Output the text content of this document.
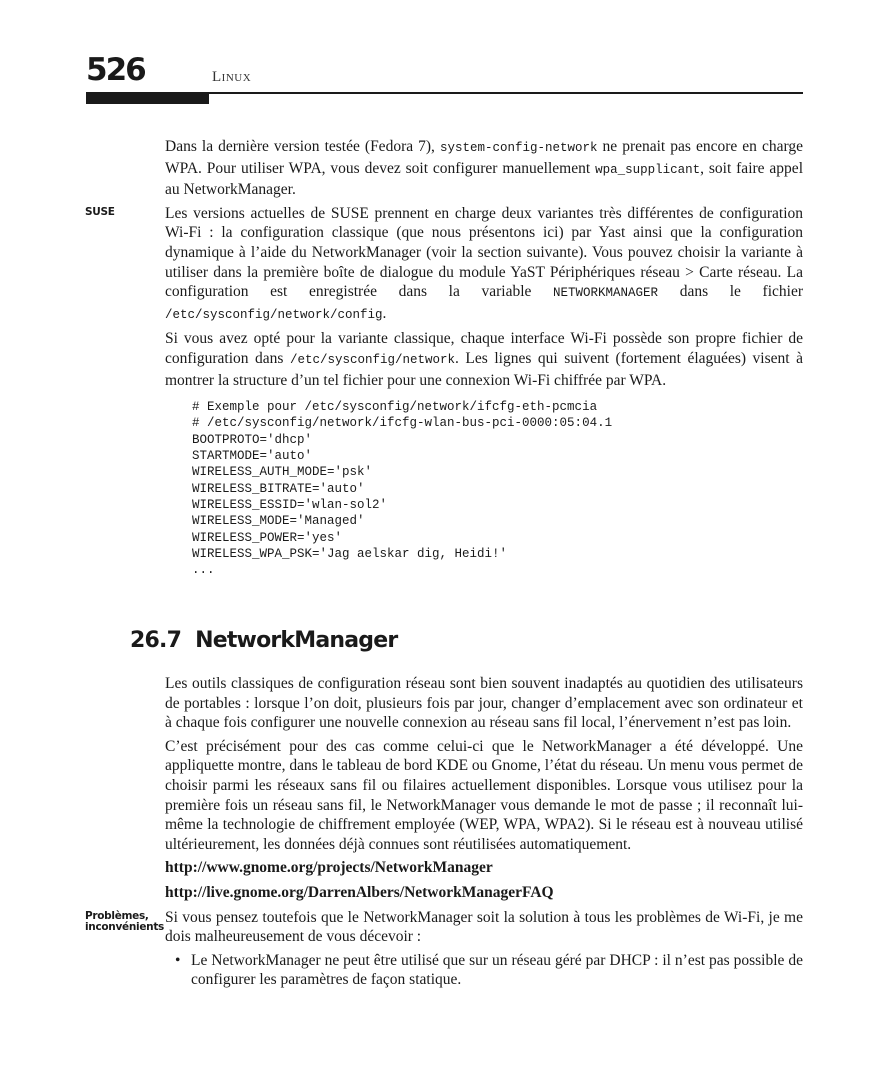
526	Linux

Dans la dernière version testée (Fedora 7), system-config-network ne prenait pas encore en charge WPA. Pour utiliser WPA, vous devez soit configurer manuellement wpa_supplicant, soit faire appel au NetworkManager.

SUSE	Les versions actuelles de SUSE prennent en charge deux variantes très différentes de configuration Wi-Fi : la configuration classique (que nous présentons ici) par Yast ainsi que la configuration dynamique à l’aide du NetworkManager (voir la section suivante). Vous pouvez choisir la variante à utiliser dans la première boîte de dialogue du module YaST Périphériques réseau > Carte réseau. La configuration est enregistrée dans la variable NETWORKMANAGER dans le fichier /etc/sysconfig/network/config.

Si vous avez opté pour la variante classique, chaque interface Wi-Fi possède son propre fichier de configuration dans /etc/sysconfig/network. Les lignes qui suivent (fortement élaguées) visent à montrer la structure d’un tel fichier pour une connexion Wi-Fi chiffrée par WPA.

# Exemple pour /etc/sysconfig/network/ifcfg-eth-pcmcia
# /etc/sysconfig/network/ifcfg-wlan-bus-pci-0000:05:04.1
BOOTPROTO='dhcp'
STARTMODE='auto'
WIRELESS_AUTH_MODE='psk'
WIRELESS_BITRATE='auto'
WIRELESS_ESSID='wlan-sol2'
WIRELESS_MODE='Managed'
WIRELESS_POWER='yes'
WIRELESS_WPA_PSK='Jag aelskar dig, Heidi!'
...
26.7 NetworkManager

Les outils classiques de configuration réseau sont bien souvent inadaptés au quotidien des utilisateurs de portables : lorsque l’on doit, plusieurs fois par jour, changer d’emplacement avec son ordinateur et à chaque fois configurer une nouvelle connexion au réseau sans fil local, l’énervement n’est pas loin.

C’est précisément pour des cas comme celui-ci que le NetworkManager a été développé. Une appliquette montre, dans le tableau de bord KDE ou Gnome, l’état du réseau. Un menu vous permet de choisir parmi les réseaux sans fil ou filaires actuellement disponibles. Lorsque vous utilisez pour la première fois un réseau sans fil, le NetworkManager vous demande le mot de passe ; il reconnaît lui-même la technologie de chiffrement employée (WEP, WPA, WPA2). Si le réseau est à nouveau utilisé ultérieurement, les données déjà connues sont réutilisées automatiquement.

http://www.gnome.org/projects/NetworkManager

http://live.gnome.org/DarrenAlbers/NetworkManagerFAQ

Problèmes,
inconvénients
Si vous pensez toutefois que le NetworkManager soit la solution à tous les problèmes de Wi-Fi, je me dois malheureusement de vous décevoir :

• Le NetworkManager ne peut être utilisé que sur un réseau géré par DHCP : il n’est pas possible de configurer les paramètres de façon statique.
